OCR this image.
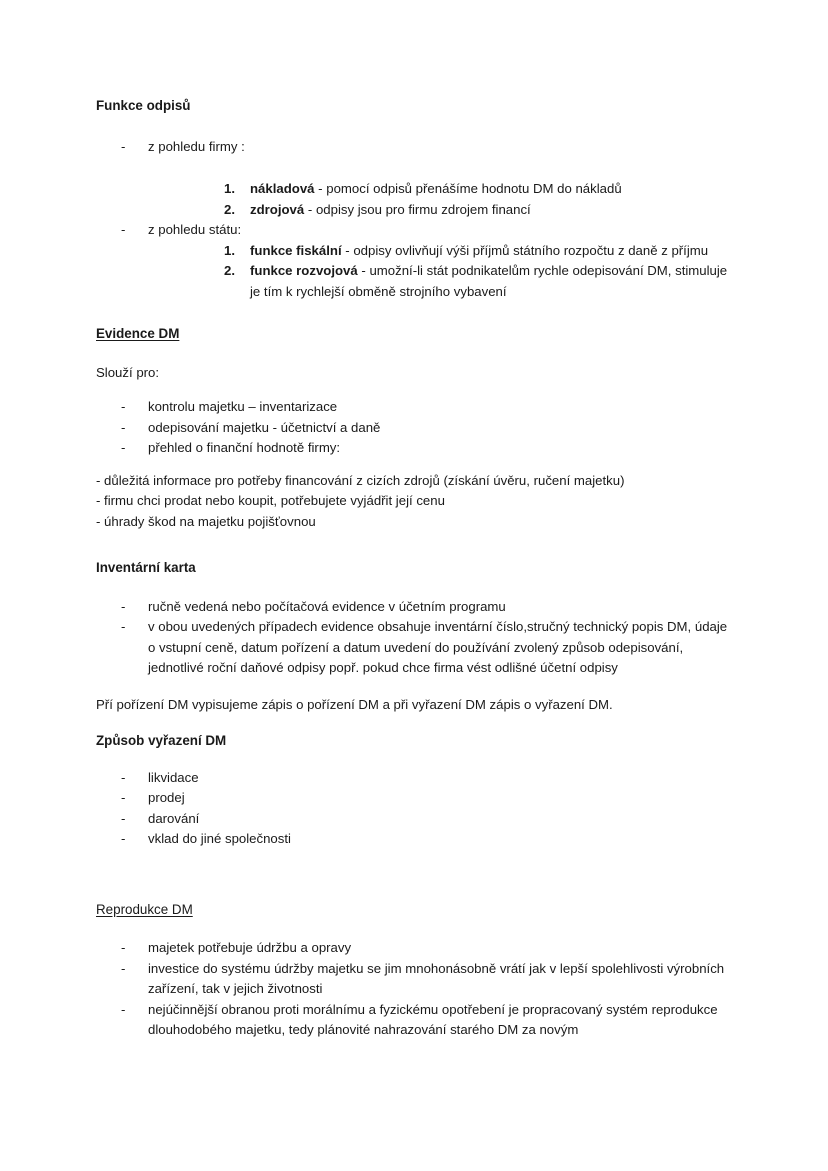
Funkce odpisů
- z pohledu firmy :
1. nákladová - pomocí odpisů přenášíme hodnotu DM do nákladů
2. zdrojová - odpisy jsou pro firmu zdrojem financí
- z pohledu státu:
1. funkce fiskální - odpisy ovlivňují výši příjmů státního rozpočtu z daně z příjmu
2. funkce rozvojová - umožní-li stát podnikatelům rychle odepisování DM, stimuluje je tím k rychlejší obměně strojního vybavení
Evidence DM

Slouží pro:

- kontrolu majetku – inventarizace
- odepisování majetku - účetnictví a daně
- přehled o finanční hodnotě firmy:

- důležitá informace pro potřeby financování z cizích zdrojů (získání úvěru, ručení majetku)

- firmu chci prodat nebo koupit, potřebujete vyjádřit její cenu

- úhrady škod na majetku pojišťovnou

Inventární karta
- ručně vedená nebo počítačová evidence v účetním programu
- v obou uvedených případech evidence obsahuje inventární číslo,stručný technický popis DM, údaje o vstupní ceně, datum pořízení a datum uvedení do používání zvolený způsob odepisování, jednotlivé roční daňové odpisy popř. pokud chce firma vést odlišné účetní odpisy

Pří pořízení DM vypisujeme zápis o pořízení DM a při vyřazení DM zápis o vyřazení DM.

Způsob vyřazení DM
- likvidace
- prodej
- darování
- vklad do jiné společnosti
Reprodukce DM
- majetek potřebuje údržbu a opravy
- investice do systému údržby majetku se jim mnohonásobně vrátí jak v lepší spolehlivosti výrobních zařízení, tak v jejich životnosti
- nejúčinnější obranou proti morálnímu a fyzickému opotřebení je propracovaný systém reprodukce dlouhodobého majetku, tedy plánovité nahrazování starého DM za novým
